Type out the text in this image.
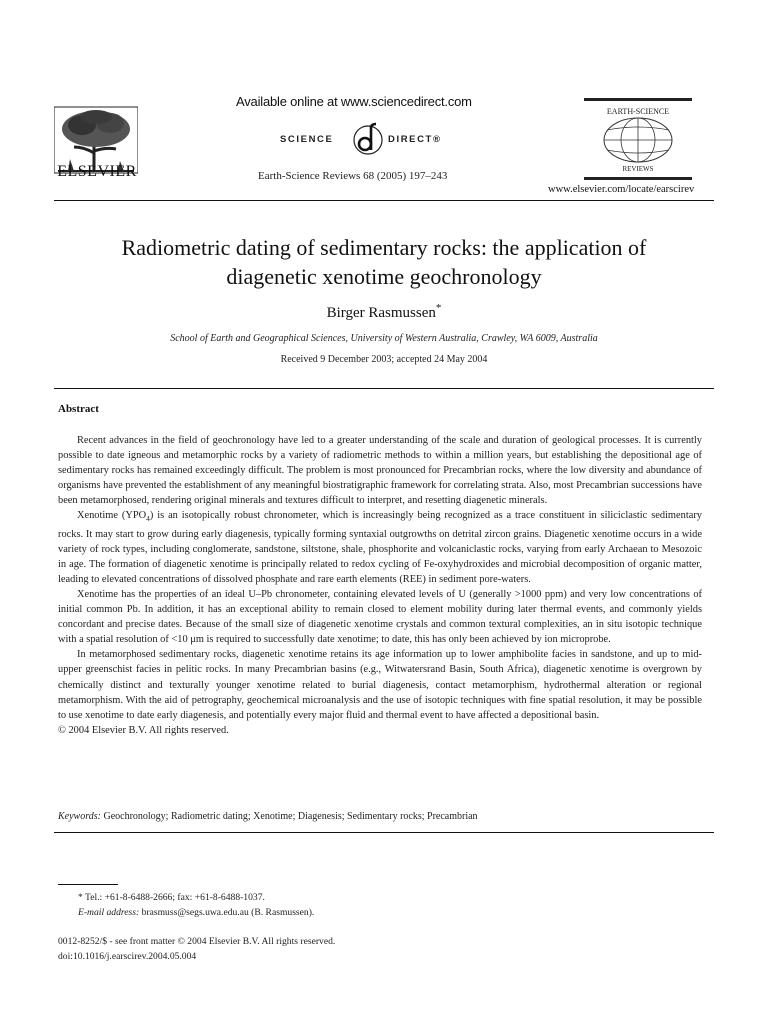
ELSEVIER
Available online at www.sciencedirect.com
SCIENCE	DIRECT®
Earth-Science Reviews 68 (2005) 197–243
EARTH-SCIENCE
REVIEWS
www.elsevier.com/locate/earscirev
Radiometric dating of sedimentary rocks: the application of
diagenetic xenotime geochronology
Birger Rasmussen*
School of Earth and Geographical Sciences, University of Western Australia, Crawley, WA 6009, Australia
Received 9 December 2003; accepted 24 May 2004
Abstract

Recent advances in the field of geochronology have led to a greater understanding of the scale and duration of geological processes. It is currently possible to date igneous and metamorphic rocks by a variety of radiometric methods to within a million years, but establishing the depositional age of sedimentary rocks has remained exceedingly difficult. The problem is most pronounced for Precambrian rocks, where the low diversity and abundance of organisms have prevented the establishment of any meaningful biostratigraphic framework for correlating strata. Also, most Precambrian successions have been metamorphosed, rendering original minerals and textures difficult to interpret, and resetting diagenetic minerals.

Xenotime $(YPO_4)$ is an isotopically robust chronometer, which is increasingly being recognized as a trace constituent in siliciclastic sedimentary rocks. It may start to grow during early diagenesis, typically forming syntaxial outgrowths on detrital zircon grains. Diagenetic xenotime occurs in a wide variety of rock types, including conglomerate, sandstone, siltstone, shale, phosphorite and volcaniclastic rocks, varying from early Archaean to Mesozoic in age. The formation of diagenetic xenotime is principally related to redox cycling of Fe-oxyhydroxides and microbial decomposition of organic matter, leading to elevated concentrations of dissolved phosphate and rare earth elements (REE) in sediment pore-waters.

Xenotime has the properties of an ideal U–Pb chronometer, containing elevated levels of U (generally >1000 ppm) and very low concentrations of initial common Pb. In addition, it has an exceptional ability to remain closed to element mobility during later thermal events, and commonly yields concordant and precise dates. Because of the small size of diagenetic xenotime crystals and common textural complexities, an in situ isotopic technique with a spatial resolution of <10 μm is required to successfully date xenotime; to date, this has only been achieved by ion microprobe.

In metamorphosed sedimentary rocks, diagenetic xenotime retains its age information up to lower amphibolite facies in sandstone, and up to mid-upper greenschist facies in pelitic rocks. In many Precambrian basins (e.g., Witwatersrand Basin, South Africa), diagenetic xenotime is overgrown by chemically distinct and texturally younger xenotime related to burial diagenesis, contact metamorphism, hydrothermal alteration or regional metamorphism. With the aid of petrography, geochemical microanalysis and the use of isotopic techniques with fine spatial resolution, it may be possible to use xenotime to date early diagenesis, and potentially every major fluid and thermal event to have affected a depositional basin.

© 2004 Elsevier B.V. All rights reserved.

Keywords: Geochronology; Radiometric dating; Xenotime; Diagenesis; Sedimentary rocks; Precambrian
* Tel.: +61-8-6488-2666; fax: +61-8-6488-1037.
E-mail address: brasmuss@segs.uwa.edu.au (B. Rasmussen).
0012-8252/$ - see front matter © 2004 Elsevier B.V. All rights reserved.
doi:10.1016/j.earscirev.2004.05.004
